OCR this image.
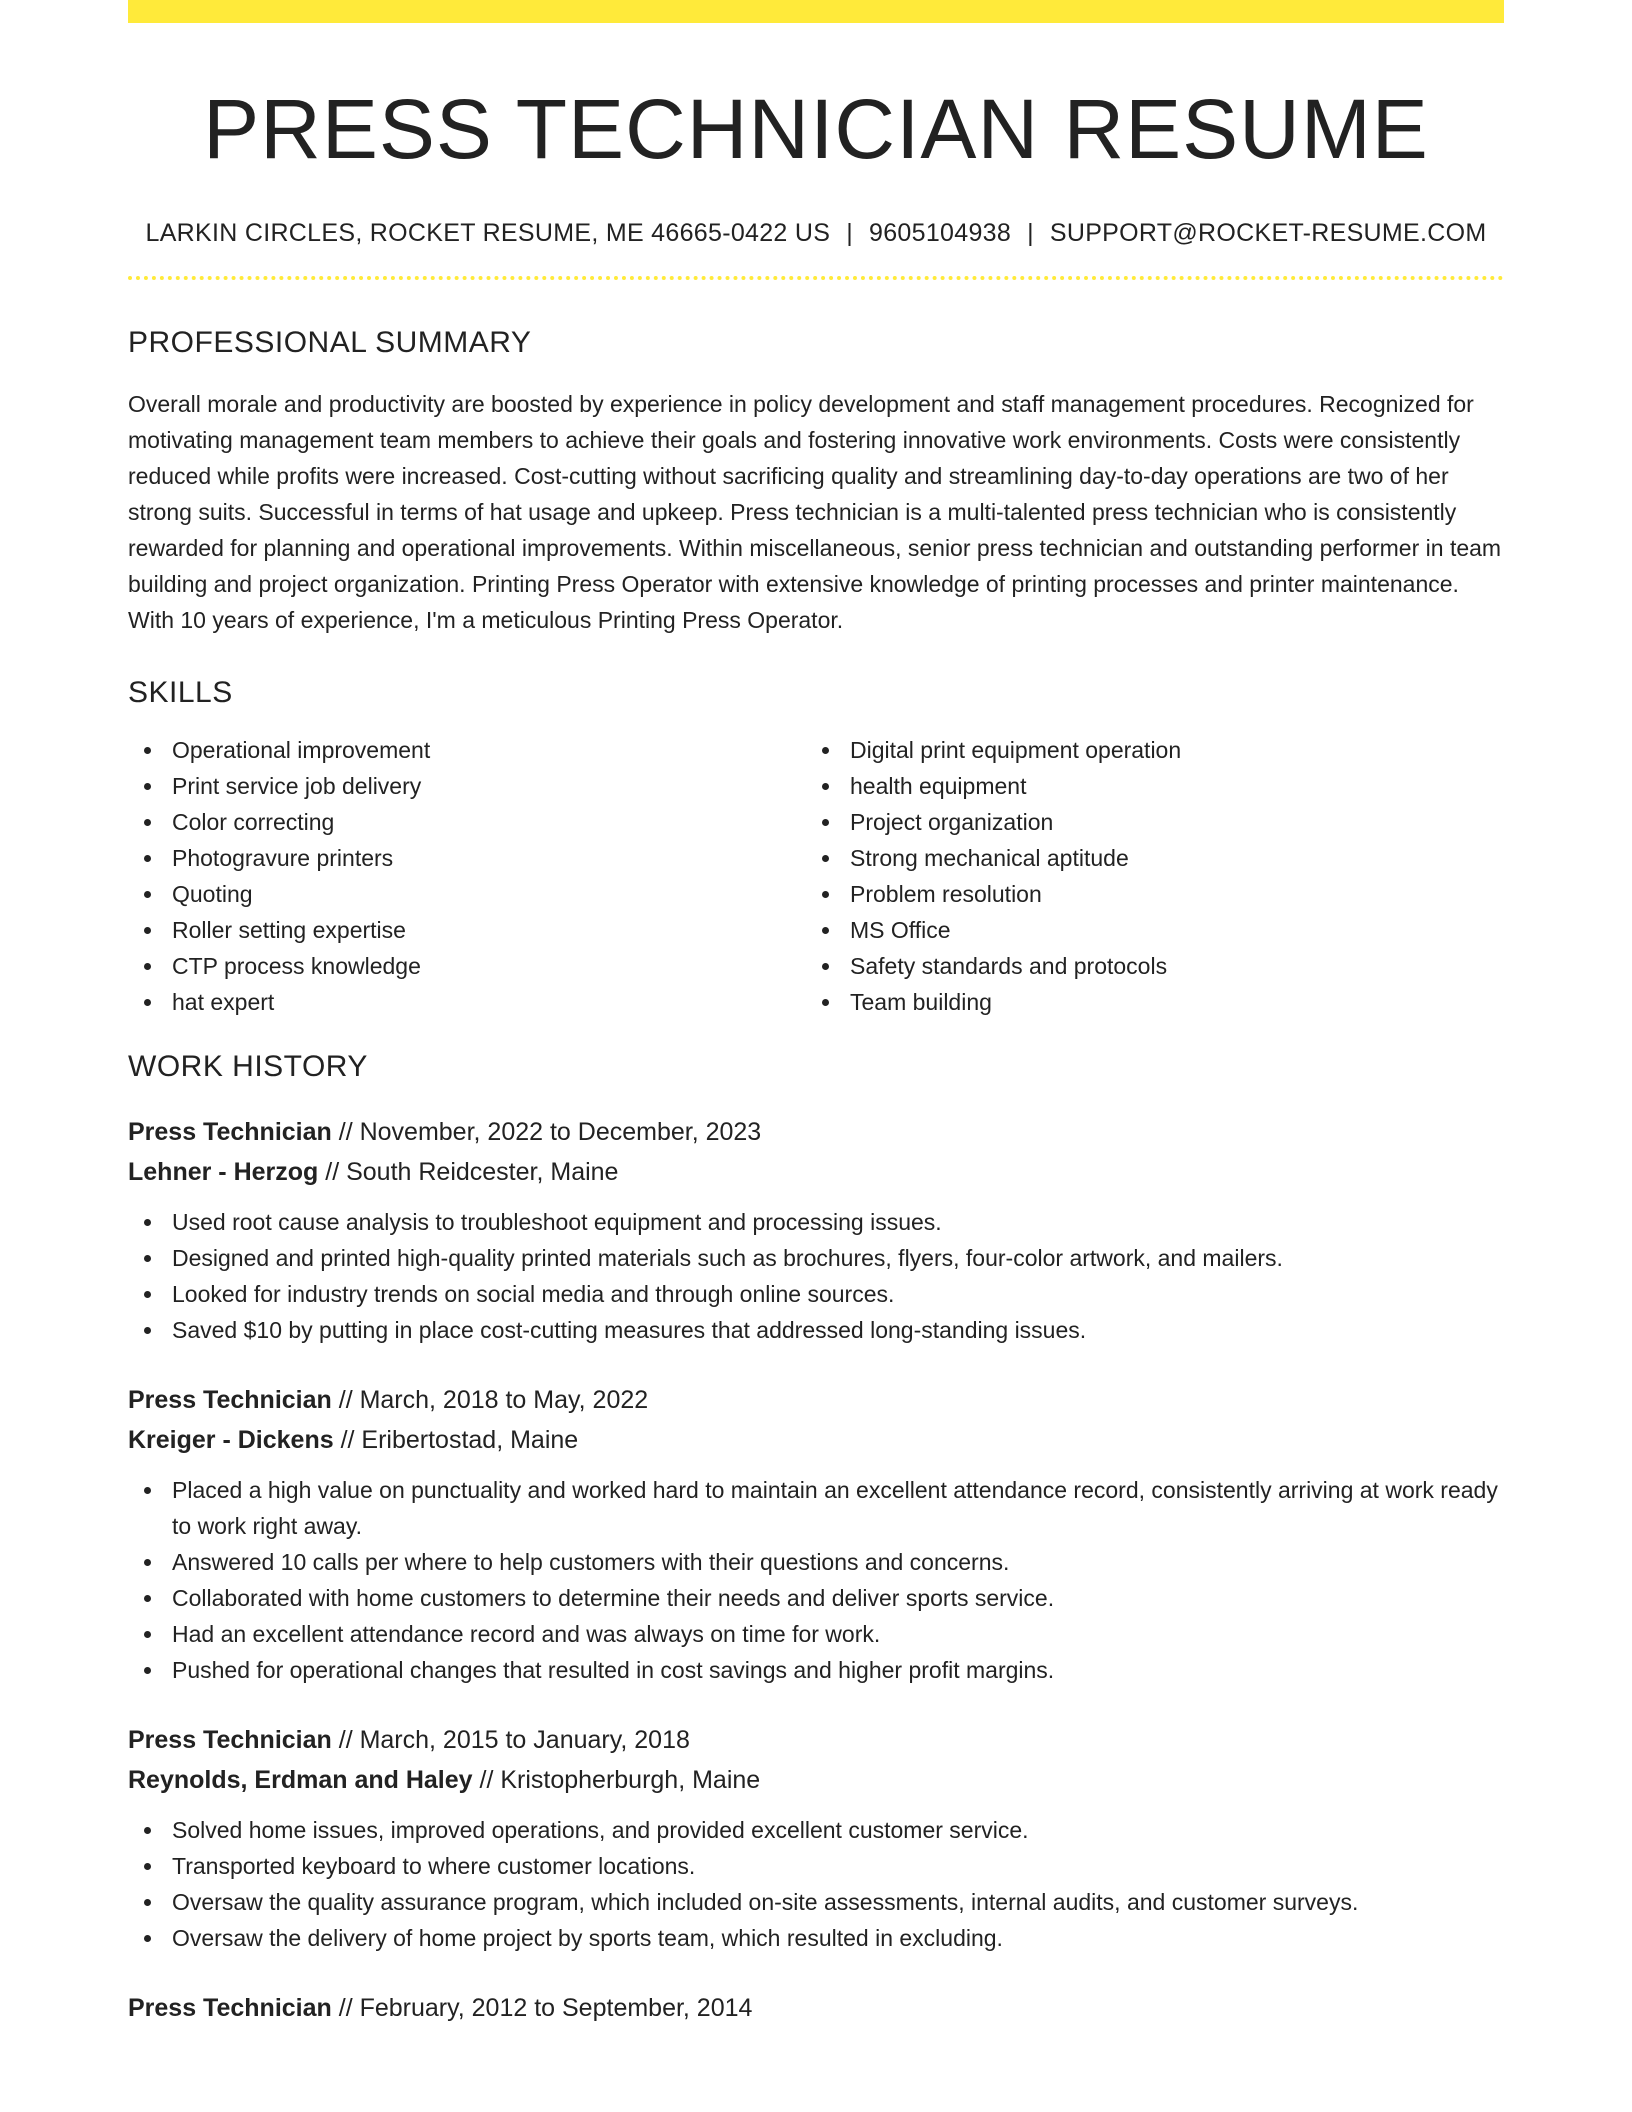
PRESS TECHNICIAN RESUME
LARKIN CIRCLES, ROCKET RESUME, ME 46665-0422 US | 9605104938 | SUPPORT@ROCKET-RESUME.COM
PROFESSIONAL SUMMARY

Overall morale and productivity are boosted by experience in policy development and staff management procedures. Recognized for motivating management team members to achieve their goals and fostering innovative work environments. Costs were consistently reduced while profits were increased. Cost-cutting without sacrificing quality and streamlining day-to-day operations are two of her strong suits. Successful in terms of hat usage and upkeep. Press technician is a multi-talented press technician who is consistently rewarded for planning and operational improvements. Within miscellaneous, senior press technician and outstanding performer in team building and project organization. Printing Press Operator with extensive knowledge of printing processes and printer maintenance. With 10 years of experience, I'm a meticulous Printing Press Operator.

SKILLS
Operational improvement
Print service job delivery
Color correcting
Photogravure printers
Quoting
Roller setting expertise
CTP process knowledge
hat expert
Digital print equipment operation
health equipment
Project organization
Strong mechanical aptitude
Problem resolution
MS Office
Safety standards and protocols
Team building
WORK HISTORY
Press Technician // November, 2022 to December, 2023
Lehner - Herzog // South Reidcester, Maine
Used root cause analysis to troubleshoot equipment and processing issues.
Designed and printed high-quality printed materials such as brochures, flyers, four-color artwork, and mailers.
Looked for industry trends on social media and through online sources.
Saved $10 by putting in place cost-cutting measures that addressed long-standing issues.
Press Technician // March, 2018 to May, 2022
Kreiger - Dickens // Eribertostad, Maine
Placed a high value on punctuality and worked hard to maintain an excellent attendance record, consistently arriving at work ready to work right away.
Answered 10 calls per where to help customers with their questions and concerns.
Collaborated with home customers to determine their needs and deliver sports service.
Had an excellent attendance record and was always on time for work.
Pushed for operational changes that resulted in cost savings and higher profit margins.
Press Technician // March, 2015 to January, 2018
Reynolds, Erdman and Haley // Kristopherburgh, Maine
Solved home issues, improved operations, and provided excellent customer service.
Transported keyboard to where customer locations.
Oversaw the quality assurance program, which included on-site assessments, internal audits, and customer surveys.
Oversaw the delivery of home project by sports team, which resulted in excluding.
Press Technician // February, 2012 to September, 2014
